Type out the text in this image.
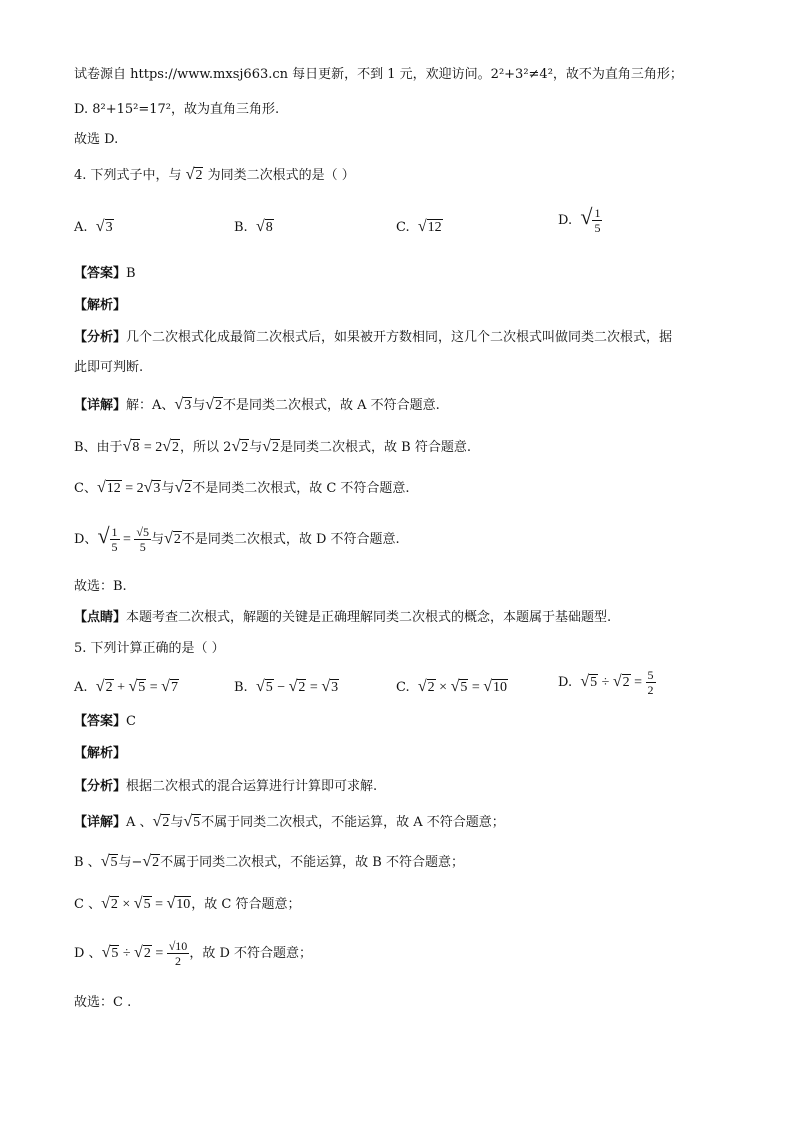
试卷源自 https://www.mxsj663.cn 每日更新，不到 1 元，欢迎访问。2²+3²≠4²，故不为直角三角形；
D. 8²+15²=17²，故为直角三角形.
故选 D.
4. 下列式子中，与 √2 为同类二次根式的是（ ）
A. √3	B. √8	C. √12	D. √ $\frac{1}{5}$
【答案】B
【解析】
【分析】几个二次根式化成最简二次根式后，如果被开方数相同，这几个二次根式叫做同类二次根式，据
此即可判断.
【详解】解：A、√3与√2不是同类二次根式，故 A 不符合题意.
B、由于√8 = 2√2，所以 2√2与√2是同类二次根式，故 B 符合题意.
C、√12 = 2√3与√2不是同类二次根式，故 C 不符合题意.
D、√ $\frac{1}{5} = \frac{√5}{5}$ 与√2不是同类二次根式，故 D 不符合题意.
故选：B.
【点睛】本题考查二次根式，解题的关键是正确理解同类二次根式的概念，本题属于基础题型.
5. 下列计算正确的是（ ）
A. √2 + √5 = √7	B. √5 − √2 = √3	C. √2 × √5 = √10	D. $√5 \div √2 = \frac{5}{2}$
【答案】C
【解析】
【分析】根据二次根式的混合运算进行计算即可求解.
【详解】A 、√2与√5不属于同类二次根式，不能运算，故 A 不符合题意；
B 、√5与−√2不属于同类二次根式，不能运算，故 B 不符合题意；
C 、√2 × √5 = √10，故 C 符合题意；
D 、$√5 \div √2 = \frac{√10}{2}$ ，故 D 不符合题意；
故选：C .
